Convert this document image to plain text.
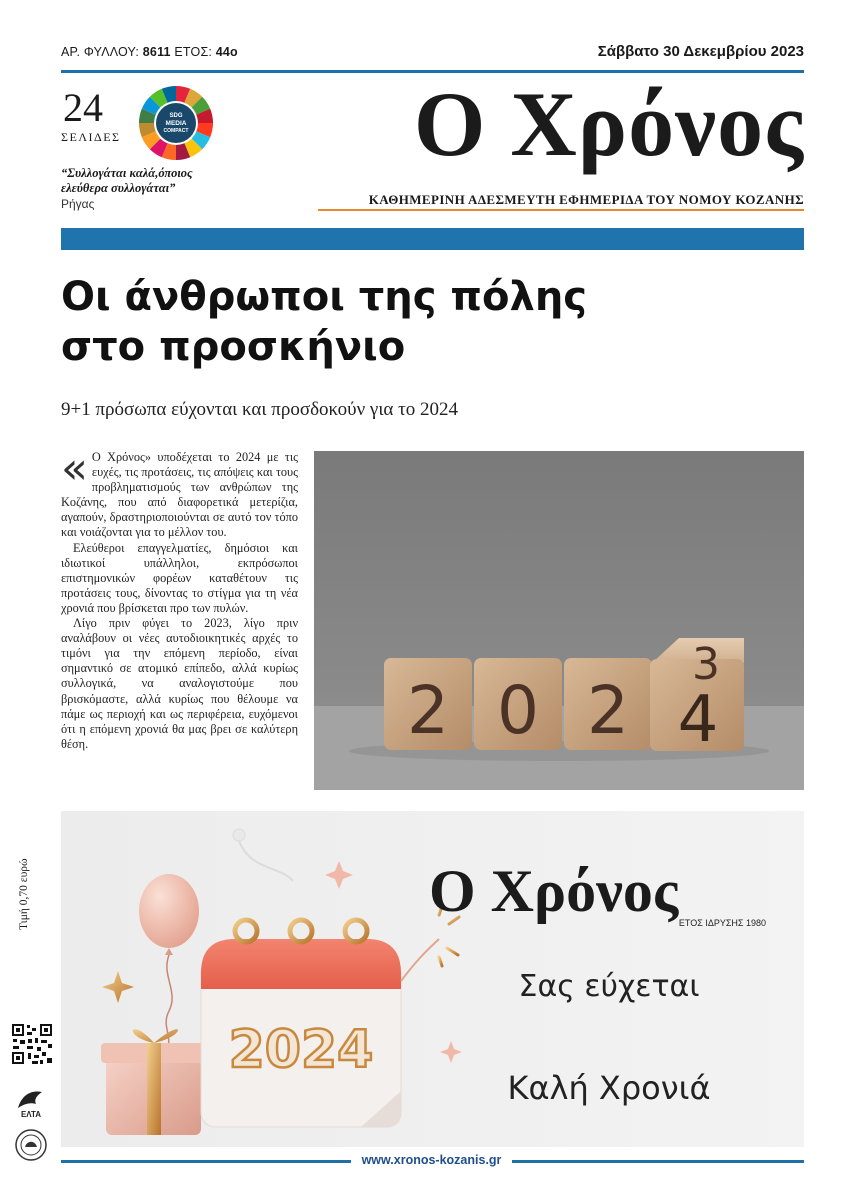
ΑΡ. ΦΥΛΛΟΥ: 8611 ΕΤΟΣ: 44ο	Σάββατο 30 Δεκεμβρίου 2023
24
ΣΕΛΙΔΕΣ
SDG
MEDIA
COMPACT
“Συλλογάται καλά,όποιος ελεύθερα συλλογάται”
Ρήγας
Ο Χρόνος
ΚΑΘΗΜΕΡΙΝΗ ΑΔΕΣΜΕΥΤΗ ΕΦΗΜΕΡΙΔΑ ΤΟΥ ΝΟΜΟΥ ΚΟΖΑΝΗΣ
Οι άνθρωποι της πόλης
στο προσκήνιο
9+1 πρόσωπα εύχονται και προσδοκούν για το 2024
« Ο Χρόνος» υποδέχεται το 2024 με τις ευχές, τις προτάσεις, τις απόψεις και τους προβληματισμούς των ανθρώπων της Κοζάνης, που από διαφορετικά μετερίζια, αγαπούν, δραστηριοποιούνται σε αυτό τον τόπο και νοιάζονται για το μέλλον του.

Ελεύθεροι επαγγελματίες, δημόσιοι και ιδιωτικοί υπάλληλοι, εκπρόσωποι επιστημονικών φορέων καταθέτουν τις προτάσεις τους, δίνοντας το στίγμα για τη νέα χρονιά που βρίσκεται προ των πυλών.

Λίγο πριν φύγει το 2023, λίγο πριν αναλάβουν οι νέες αυτοδιοικητικές αρχές το τιμόνι για την επόμενη περίοδο, είναι σημαντικό σε ατομικό επίπεδο, αλλά κυρίως συλλογικά, να αναλογιστούμε που βρισκόμαστε, αλλά κυρίως που θέλουμε να πάμε ως περιοχή και ως περιφέρεια, ευχόμενοι ότι η επόμενη χρονιά θα μας βρει σε καλύτερη θέση.	2 0 2
3
4
2024
Ο Χρόνος ΕΤΟΣ ΙΔΡΥΣΗΣ 1980
Σας εύχεται
Καλή Χρονιά
Τιμή 0,70 ευρώ
ΕΛΤΑ
www.xronos-kozanis.gr
